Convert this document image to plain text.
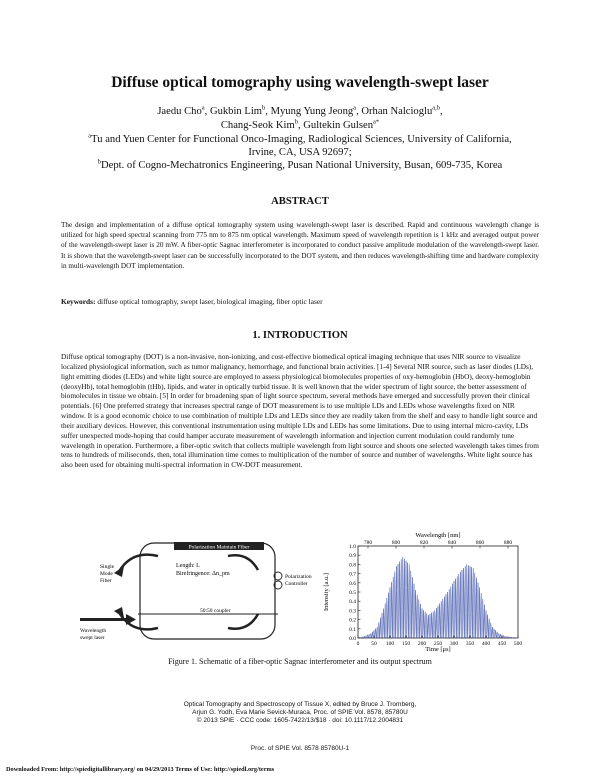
Diffuse optical tomography using wavelength-swept laser
Jaedu Cho$^a$, Gukbin Lim$^b$, Myung Yung Jeong$^a$, Orhan Nalcioglu$^{a,b}$,
Chang-Seok Kim$^b$, Gultekin Gulsen$^{a*}$
$^a$Tu and Yuen Center for Functional Onco-Imaging, Radiological Sciences, University of California,
Irvine, CA, USA 92697;
$^b$Dept. of Cogno-Mechatronics Engineering, Pusan National University, Busan, 609-735, Korea
ABSTRACT
The design and implementation of a diffuse optical tomography system using wavelength-swept laser is described. Rapid and continuous wavelength change is utilized for high speed spectral scanning from 775 nm to 875 nm optical wavelength. Maximum speed of wavelength repetition is 1 kHz and averaged output power of the wavelength-swept laser is 20 mW. A fiber-optic Sagnac interferometer is incorporated to conduct passive amplitude modulation of the wavelength-swept laser. It is shown that the wavelength-swept laser can be successfully incorporated to the DOT system, and then reduces wavelength-shifting time and hardware complexity in multi-wavelength DOT implementation.
Keywords: diffuse optical tomography, swept laser, biological imaging, fiber optic laser
1. INTRODUCTION
Diffuse optical tomography (DOT) is a non-invasive, non-ionizing, and cost-effective biomedical optical imaging technique that uses NIR source to visualize localized physiological information, such as tumor malignancy, hemorrhage, and functional brain activities. [1-4] Several NIR source, such as laser diodes (LDs), light emitting diodes (LEDs) and white light source are employed to assess physiological biomolecules properties of oxy-hemoglobin (HbO), deoxy-hemoglobin (deoxyHb), total hemoglobin (tHb), lipids, and water in optically turbid tissue. It is well known that the wider spectrum of light source, the better assessment of biomolecules in tissue we obtain. [5] In order for broadening span of light source spectrum, several methods have emerged and successfully proven their clinical potentials. [6] One preferred strategy that increases spectral range of DOT measurement is to use multiple LDs and LEDs whose wavelengths fixed on NIR window. It is a good economic choice to use combination of multiple LDs and LEDs since they are readily taken from the shelf and easy to handle light source and their auxiliary devices. However, this conventional instrumentation using multiple LDs and LEDs has some limitations. Due to using internal micro-cavity, LDs suffer unexpected mode-hoping that could hamper accurate measurement of wavelength information and injection current modulation could randomly tune wavelength in operation. Furthermore, a fiber-optic switch that collects multiple wavelength from light source and shoots one selected wavelength takes times from tens to hundreds of miliseconds, then, total illumination time comes to multiplication of the number of source and number of wavelengths. White light source has also been used for obtaining multi-spectral information in CW-DOT measurement.
Polarization Maintain Fiber
Length: L
Birefringence: Δn_pm	Polarization
Controller
Single
Mode
Fiber
50:50 coupler
Wavelength
swept laser
0 50 100 150 200 250 300 350 400 450 500
0.0
0.1
0.2
0.3
0.4
0.5
0.6
0.7
0.8
0.9
1.0
780	800	820	840	860	880
Wavelength [nm]
Time [μs]
Intensity [a.u.]
Figure 1. Schematic of a fiber-optic Sagnac interferometer and its output spectrum
Optical Tomography and Spectroscopy of Tissue X, edited by Bruce J. Tromberg,
Arjun G. Yodh, Eva Marie Sevick-Muraca, Proc. of SPIE Vol. 8578, 85780U
© 2013 SPIE · CCC code: 1605-7422/13/$18 · doi: 10.1117/12.2004831
Proc. of SPIE Vol. 8578 85780U-1
Downloaded From: http://spiedigitallibrary.org/ on 04/29/2013 Terms of Use: http://spiedl.org/terms
